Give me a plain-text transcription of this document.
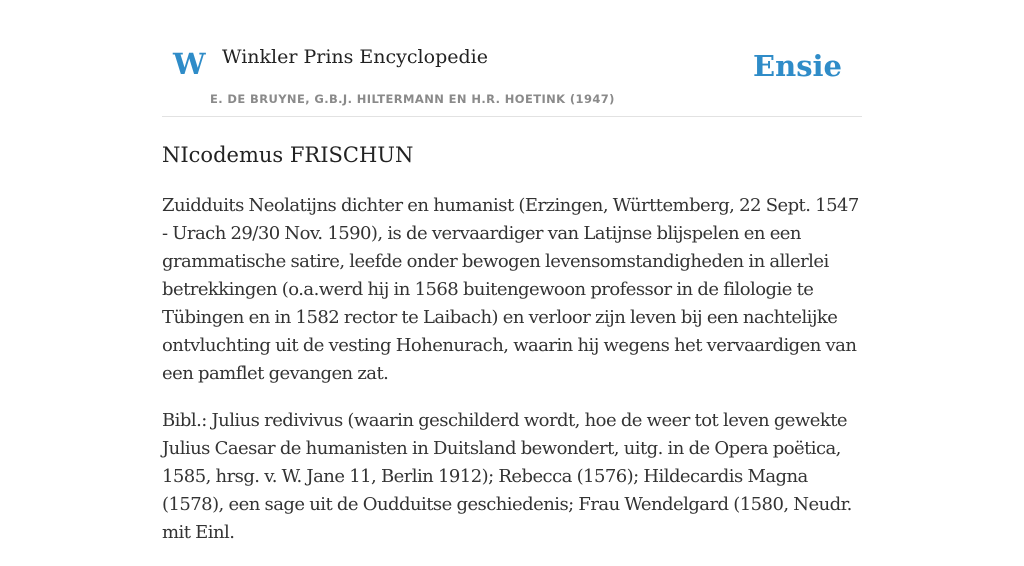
W Winkler Prins Encyclopedie
E. DE BRUYNE, G.B.J. HILTERMANN EN H.R. HOETINK (1947)
Ensie
NIcodemus FRISCHUN

Zuidduits Neolatijns dichter en humanist (Erzingen, Württemberg, 22 Sept. 1547 - Urach 29/30 Nov. 1590), is de vervaardiger van Latijnse blijspelen en een grammatische satire, leefde onder bewogen levensomstandigheden in allerlei betrekkingen (o.a.werd hij in 1568 buitengewoon professor in de filologie te Tübingen en in 1582 rector te Laibach) en verloor zijn leven bij een nachtelijke ontvluchting uit de vesting Hohenurach, waarin hij wegens het vervaardigen van een pamflet gevangen zat.

Bibl.: Julius redivivus (waarin geschilderd wordt, hoe de weer tot leven gewekte Julius Caesar de humanisten in Duitsland bewondert, uitg. in de Opera poëtica, 1585, hrsg. v. W. Jane 11, Berlin 1912); Rebecca (1576); Hildecardis Magna (1578), een sage uit de Oudduitse geschiedenis; Frau Wendelgard (1580, Neudr. mit Einl.
